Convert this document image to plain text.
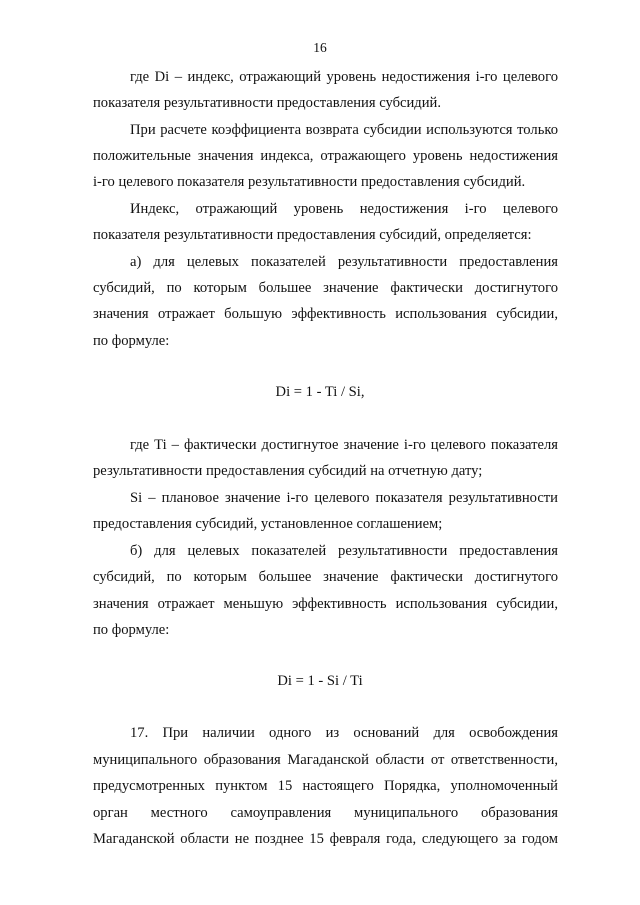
16
где Di – индекс, отражающий уровень недостижения i-го целевого
показателя результативности предоставления субсидий.
При расчете коэффициента возврата субсидии используются только
положительные значения индекса, отражающего уровень недостижения
i-го целевого показателя результативности предоставления субсидий.
Индекс, отражающий уровень недостижения i-го целевого
показателя результативности предоставления субсидий, определяется:
а) для целевых показателей результативности предоставления
субсидий, по которым большее значение фактически достигнутого
значения отражает большую эффективность использования субсидии,
по формуле:
Di = 1 - Ti / Si,
где Ti – фактически достигнутое значение i-го целевого показателя
результативности предоставления субсидий на отчетную дату;
Si – плановое значение i-го целевого показателя результативности
предоставления субсидий, установленное соглашением;
б) для целевых показателей результативности предоставления
субсидий, по которым большее значение фактически достигнутого
значения отражает меньшую эффективность использования субсидии,
по формуле:
Di = 1 - Si / Ti
17. При наличии одного из оснований для освобождения
муниципального образования Магаданской области от ответственности,
предусмотренных пунктом 15 настоящего Порядка, уполномоченный
орган местного самоуправления муниципального образования
Магаданской области не позднее 15 февраля года, следующего за годом
